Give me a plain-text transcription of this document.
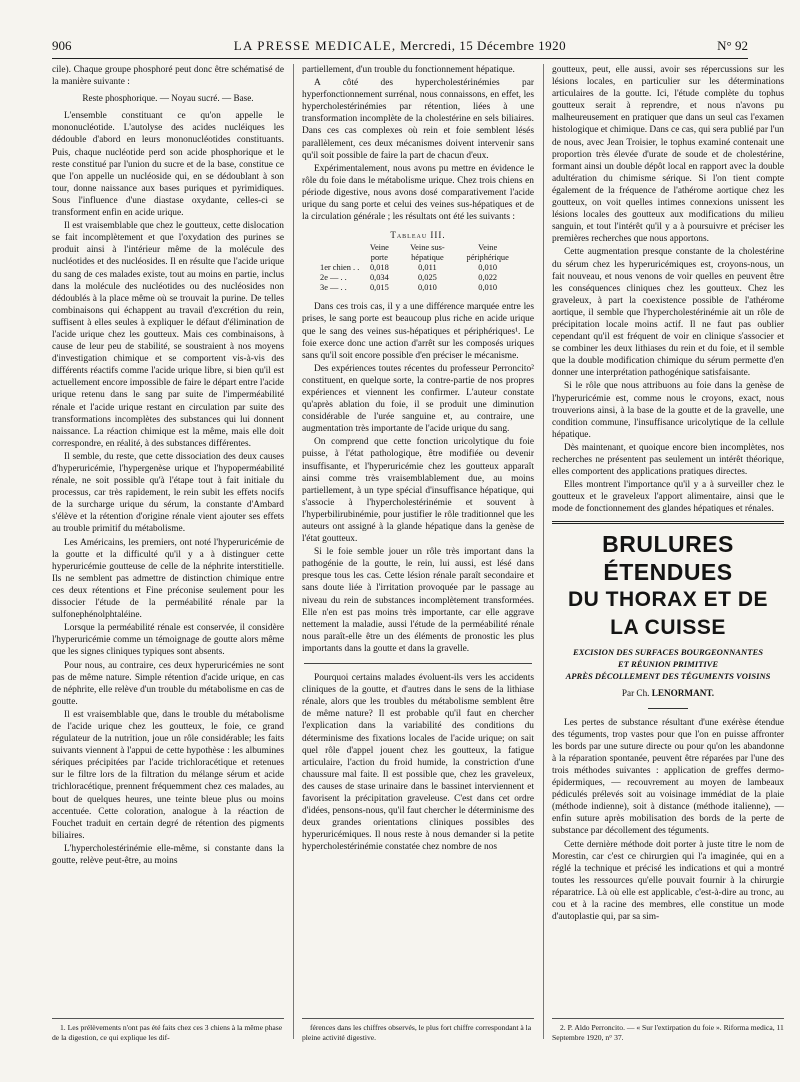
906	LA PRESSE MEDICALE, Mercredi, 15 Décembre 1920	N° 92

cile). Chaque groupe phosphoré peut donc être schématisé de la manière suivante :

Reste phosphorique. — Noyau sucré. — Base.

L'ensemble constituant ce qu'on appelle le mononucléotide. L'autolyse des acides nucléiques les dédouble d'abord en leurs mononucléotides constituants. Puis, chaque nucléotide perd son acide phosphorique et le reste constitué par l'union du sucre et de la base, constitue ce que l'on appelle un nucléoside qui, en se dédoublant à son tour, donne naissance aux bases puriques et pyrimidiques. Sous l'influence d'une diastase oxydante, celles-ci se transforment enfin en acide urique.

Il est vraisemblable que chez le goutteux, cette dislocation se fait incomplètement et que l'oxydation des purines se produit ainsi à l'intérieur même de la molécule des nucléotides et des nucléosides. Il en résulte que l'acide urique du sang de ces malades existe, tout au moins en partie, inclus dans la molécule des nucléotides ou des nucléosides non dédoublés à la place même où se trouvait la purine. De telles combinaisons qui échappent au travail d'excrétion du rein, suffisent à elles seules à expliquer le défaut d'élimination de l'acide urique chez les goutteux. Mais ces combinaisons, à cause de leur peu de stabilité, se soustraient à nos moyens d'investigation chimique et se comportent vis-à-vis des différents réactifs comme l'acide urique libre, si bien qu'il est actuellement encore impossible de faire le départ entre l'acide urique retenu dans le sang par suite de l'imperméabilité rénale et l'acide urique restant en circulation par suite des transformations incomplètes des substances qui lui donnent naissance. La réaction chimique est la même, mais elle doit correspondre, en réalité, à des substances différentes.

Il semble, du reste, que cette dissociation des deux causes d'hyperuricémie, l'hypergenèse urique et l'hypoperméabilité rénale, ne soit possible qu'à l'étape tout à fait initiale du processus, car très rapidement, le rein subit les effets nocifs de la surcharge urique du sérum, la constante d'Ambard s'élève et la rétention d'origine rénale vient ajouter ses effets au trouble primitif du métabolisme.

Les Américains, les premiers, ont noté l'hyperuricémie de la goutte et la difficulté qu'il y a à distinguer cette hyperuricémie goutteuse de celle de la néphrite interstitielle. Ils ne semblent pas admettre de distinction chimique entre ces deux rétentions et Fine préconise seulement pour les dissocier l'étude de la perméabilité rénale par la sulfonephénolphtaléine.

Lorsque la perméabilité rénale est conservée, il considère l'hyperuricémie comme un témoignage de goutte alors même que les signes cliniques typiques sont absents.

Pour nous, au contraire, ces deux hyperuricémies ne sont pas de même nature. Simple rétention d'acide urique, en cas de néphrite, elle relève d'un trouble du métabolisme en cas de goutte.

Il est vraisemblable que, dans le trouble du métabolisme de l'acide urique chez les goutteux, le foie, ce grand régulateur de la nutrition, joue un rôle considérable; les faits suivants viennent à l'appui de cette hypothèse : les albumines sériques précipitées par l'acide trichloracétique et retenues sur le filtre lors de la filtration du mélange sérum et acide trichloracétique, prennent fréquemment chez ces malades, au bout de quelques heures, une teinte bleue plus ou moins accentuée. Cette coloration, analogue à la réaction de Fouchet traduit en certain degré de rétention des pigments biliaires.

L'hypercholestérinémie elle-même, si constante dans la goutte, relève peut-être, au moins

partiellement, d'un trouble du fonctionnement hépatique.

A côté des hypercholestérinémies par hyperfonctionnement surrénal, nous connaissons, en effet, les hypercholestérinémies par rétention, liées à une transformation incomplète de la cholestérine en sels biliaires. Dans ces cas complexes où rein et foie semblent lésés parallèlement, ces deux mécanismes doivent intervenir sans qu'il soit possible de faire la part de chacun d'eux.

Expérimentalement, nous avons pu mettre en évidence le rôle du foie dans le métabolisme urique. Chez trois chiens en période digestive, nous avons dosé comparativement l'acide urique du sang porte et celui des veines sus-hépatiques et de la circulation générale ; les résultats ont été les suivants :

Tableau III.
	Veine porte	Veine sus-hépatique	Veine périphérique
1er chien . .	0,018	0,011	0,010
2e — . .	0,034	0,025	0,022
3e — . .	0,015	0,010	0,010

Dans ces trois cas, il y a une différence marquée entre les prises, le sang porte est beaucoup plus riche en acide urique que le sang des veines sus-hépatiques et périphériques¹. Le foie exerce donc une action d'arrêt sur les composés uriques sans qu'il soit encore possible d'en préciser le mécanisme.

Des expériences toutes récentes du professeur Perroncito² constituent, en quelque sorte, la contre-partie de nos propres expériences et viennent les confirmer. L'auteur constate qu'après ablation du foie, il se produit une diminution considérable de l'urée sanguine et, au contraire, une augmentation très importante de l'acide urique du sang.

On comprend que cette fonction uricolytique du foie puisse, à l'état pathologique, être modifiée ou devenir insuffisante, et l'hyperuricémie chez les goutteux apparaît ainsi comme très vraisemblablement due, au moins partiellement, à un type spécial d'insuffisance hépatique, qui s'associe à l'hypercholestérinémie et souvent à l'hyperbilirubinémie, pour justifier le rôle traditionnel que les auteurs ont assigné à la glande hépatique dans la genèse de l'état goutteux.

Si le foie semble jouer un rôle très important dans la pathogénie de la goutte, le rein, lui aussi, est lésé dans presque tous les cas. Cette lésion rénale paraît secondaire et sans doute liée à l'irritation provoquée par le passage au niveau du rein de substances incomplètement transformées. Elle n'en est pas moins très importante, car elle aggrave nettement la maladie, aussi l'étude de la perméabilité rénale nous paraît-elle être un des éléments de pronostic les plus importants dans la goutte et dans la gravelle.

Pourquoi certains malades évoluent-ils vers les accidents cliniques de la goutte, et d'autres dans le sens de la lithiase rénale, alors que les troubles du métabolisme semblent être de même nature? Il est probable qu'il faut en chercher l'explication dans la variabilité des conditions du déterminisme des fixations locales de l'acide urique; on sait quel rôle d'appel jouent chez les goutteux, la fatigue articulaire, l'action du froid humide, la constriction d'une chaussure mal faite. Il est possible que, chez les graveleux, des causes de stase urinaire dans le bassinet interviennent et favorisent la précipitation graveleuse. C'est dans cet ordre d'idées, pensons-nous, qu'il faut chercher le déterminisme des deux grandes orientations cliniques possibles des hyperuricémiques. Il nous reste à nous demander si la petite hypercholestérinémie constatée chez nombre de nos

goutteux, peut, elle aussi, avoir ses répercussions sur les lésions locales, en particulier sur les déterminations articulaires de la goutte. Ici, l'étude complète du tophus goutteux serait à reprendre, et nous n'avons pu malheureusement en pratiquer que dans un seul cas l'examen histologique et chimique. Dans ce cas, qui sera publié par l'un de nous, avec Jean Troisier, le tophus examiné contenait une proportion très élevée d'urate de soude et de cholestérine, formant ainsi un double dépôt local en rapport avec la double adultération du chimisme sérique. Si l'on tient compte également de la fréquence de l'athérome aortique chez les goutteux, on voit quelles intimes connexions unissent les lésions locales des goutteux aux modifications du milieu sanguin, et tout l'intérêt qu'il y a à poursuivre et préciser les premières recherches que nous apportons.

Cette augmentation presque constante de la cholestérine du sérum chez les hyperuricémiques est, croyons-nous, un fait nouveau, et nous venons de voir quelles en peuvent être les conséquences cliniques chez les goutteux. Chez les graveleux, à part la coexistence possible de l'athérome aortique, il semble que l'hypercholestérinémie ait un rôle de précipitation locale moins actif. Il ne faut pas oublier cependant qu'il est fréquent de voir en clinique s'associer et se combiner les deux lithiases du rein et du foie, et il semble que la double modification chimique du sérum permette d'en donner une interprétation pathogénique satisfaisante.

Si le rôle que nous attribuons au foie dans la genèse de l'hyperuricémie est, comme nous le croyons, exact, nous trouverions ainsi, à la base de la goutte et de la gravelle, une condition commune, l'insuffisance uricolytique de la cellule hépatique.

Dès maintenant, et quoique encore bien incomplètes, nos recherches ne présentent pas seulement un intérêt théorique, elles comportent des applications pratiques directes.

Elles montrent l'importance qu'il y a à surveiller chez le goutteux et le graveleux l'apport alimentaire, ainsi que le mode de fonctionnement des glandes hépatiques et rénales.

BRULURES ÉTENDUES
DU THORAX ET DE LA CUISSE
EXCISION DES SURFACES BOURGEONNANTES
ET RÉUNION PRIMITIVE
APRÈS DÉCOLLEMENT DES TÉGUMENTS VOISINS
Par Ch. LENORMANT.

Les pertes de substance résultant d'une exérèse étendue des téguments, trop vastes pour que l'on en puisse affronter les bords par une suture directe ou pour qu'on les abandonne à la réparation spontanée, peuvent être réparées par l'une des trois méthodes suivantes : application de greffes dermo-épidermiques, — recouvrement au moyen de lambeaux pédiculés prélevés soit au voisinage immédiat de la plaie (méthode indienne), soit à distance (méthode italienne), — enfin suture après mobilisation des bords de la perte de substance par décollement des téguments.

Cette dernière méthode doit porter à juste titre le nom de Morestin, car c'est ce chirurgien qui l'a imaginée, qui en a réglé la technique et précisé les indications et qui a montré toutes les ressources qu'elle pouvait fournir à la chirurgie réparatrice. Là où elle est applicable, c'est-à-dire au tronc, au cou et à la racine des membres, elle constitue un mode d'autoplastie qui, par sa sim-

1. Les prélèvements n'ont pas été faits chez ces 3 chiens à la même phase de la digestion, ce qui explique les dif-

férences dans les chiffres observés, le plus fort chiffre correspondant à la pleine activité digestive.

2. P. Aldo Perroncito. — « Sur l'extirpation du foie ». Riforma medica, 11 Septembre 1920, n° 37.
